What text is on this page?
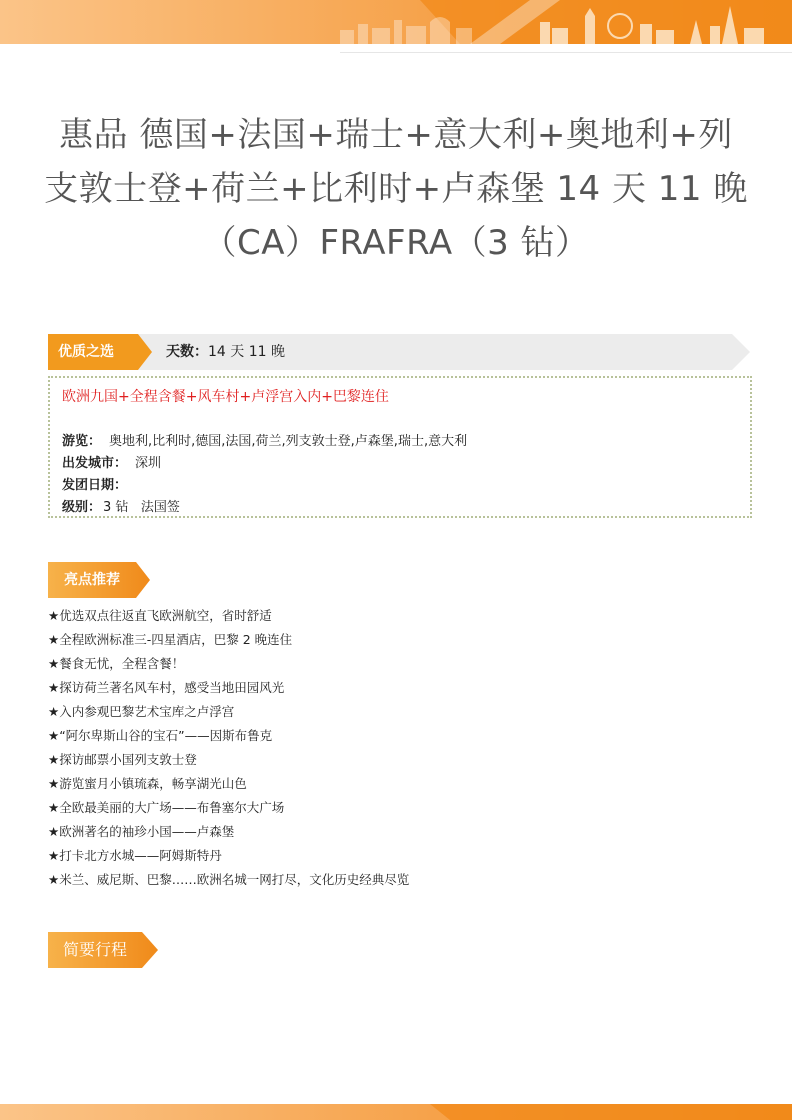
惠品 德国+法国+瑞士+意大利+奥地利+列
支敦士登+荷兰+比利时+卢森堡 14 天 11 晚
（CA）FRAFRA（3 钻）
优质之选	天数：14 天 11 晚
欧洲九国+全程含餐+风车村+卢浮宫入内+巴黎连住
游览： 奥地利,比利时,德国,法国,荷兰,列支敦士登,卢森堡,瑞士,意大利
出发城市： 深圳
发团日期：
级别： 3 钻   法国签
亮点推荐
★优选双点往返直飞欧洲航空，省时舒适
★全程欧洲标准三-四星酒店，巴黎 2 晚连住
★餐食无忧，全程含餐！
★探访荷兰著名风车村，感受当地田园风光
★入内参观巴黎艺术宝库之卢浮宫
★“阿尔卑斯山谷的宝石”——因斯布鲁克
★探访邮票小国列支敦士登
★游览蜜月小镇琉森，畅享湖光山色
★全欧最美丽的大广场——布鲁塞尔大广场
★欧洲著名的袖珍小国——卢森堡
★打卡北方水城——阿姆斯特丹
★米兰、威尼斯、巴黎……欧洲名城一网打尽，文化历史经典尽览
简要行程
